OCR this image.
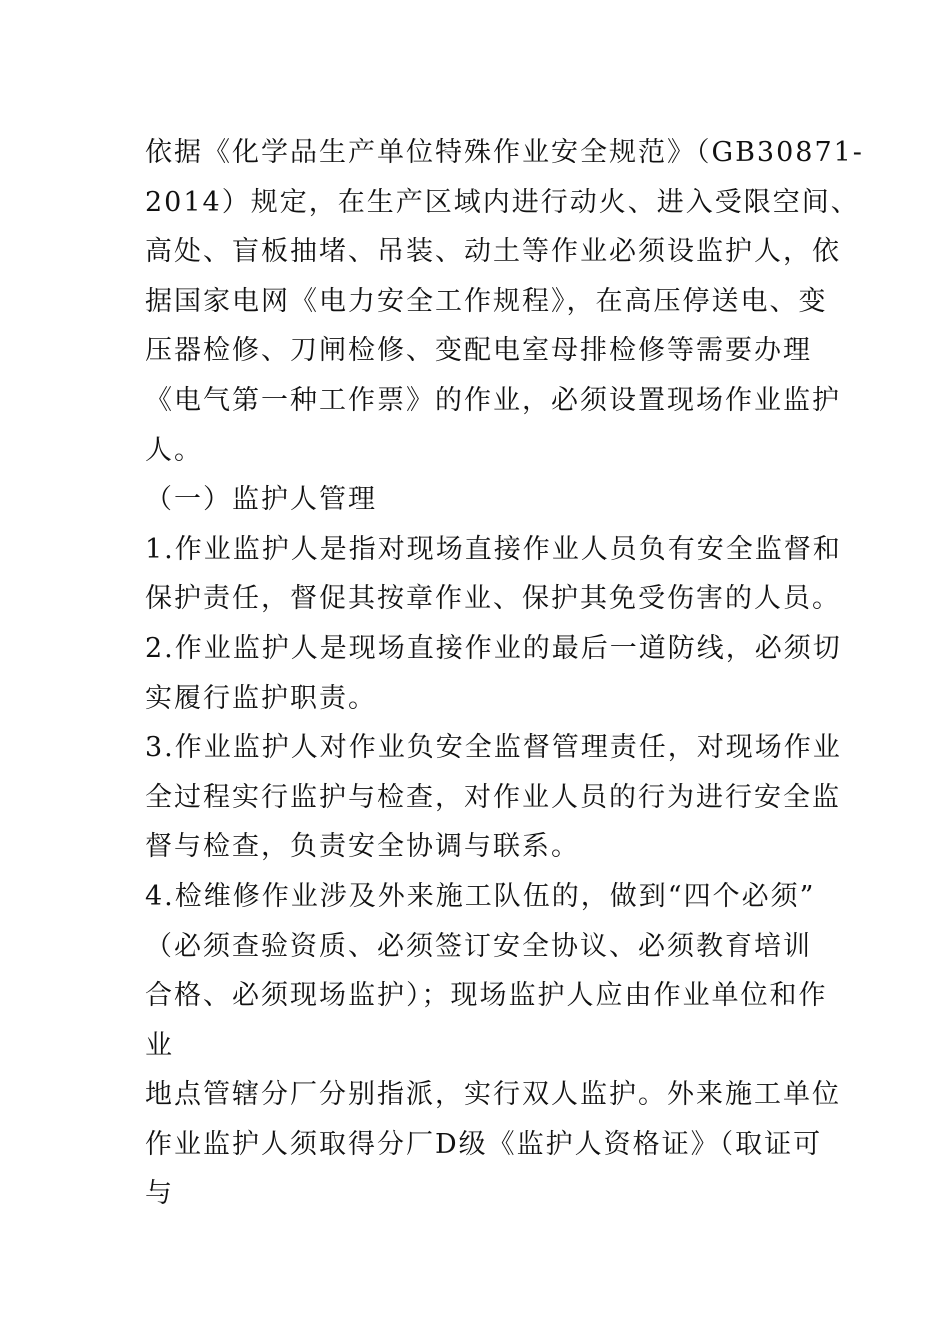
依据《化学品生产单位特殊作业安全规范》（GB30871-
2014）规定，在生产区域内进行动火、进入受限空间、
高处、盲板抽堵、吊装、动土等作业必须设监护人，依
据国家电网《电力安全工作规程》，在高压停送电、变
压器检修、刀闸检修、变配电室母排检修等需要办理
《电气第一种工作票》的作业，必须设置现场作业监护
人。
（一）监护人管理
1.作业监护人是指对现场直接作业人员负有安全监督和
保护责任，督促其按章作业、保护其免受伤害的人员。
2.作业监护人是现场直接作业的最后一道防线，必须切
实履行监护职责。
3.作业监护人对作业负安全监督管理责任，对现场作业
全过程实行监护与检查，对作业人员的行为进行安全监
督与检查，负责安全协调与联系。
4.检维修作业涉及外来施工队伍的，做到“四个必须”
（必须查验资质、必须签订安全协议、必须教育培训
合格、必须现场监护）；现场监护人应由作业单位和作
业
地点管辖分厂分别指派，实行双人监护。外来施工单位
作业监护人须取得分厂D级《监护人资格证》（取证可
与
